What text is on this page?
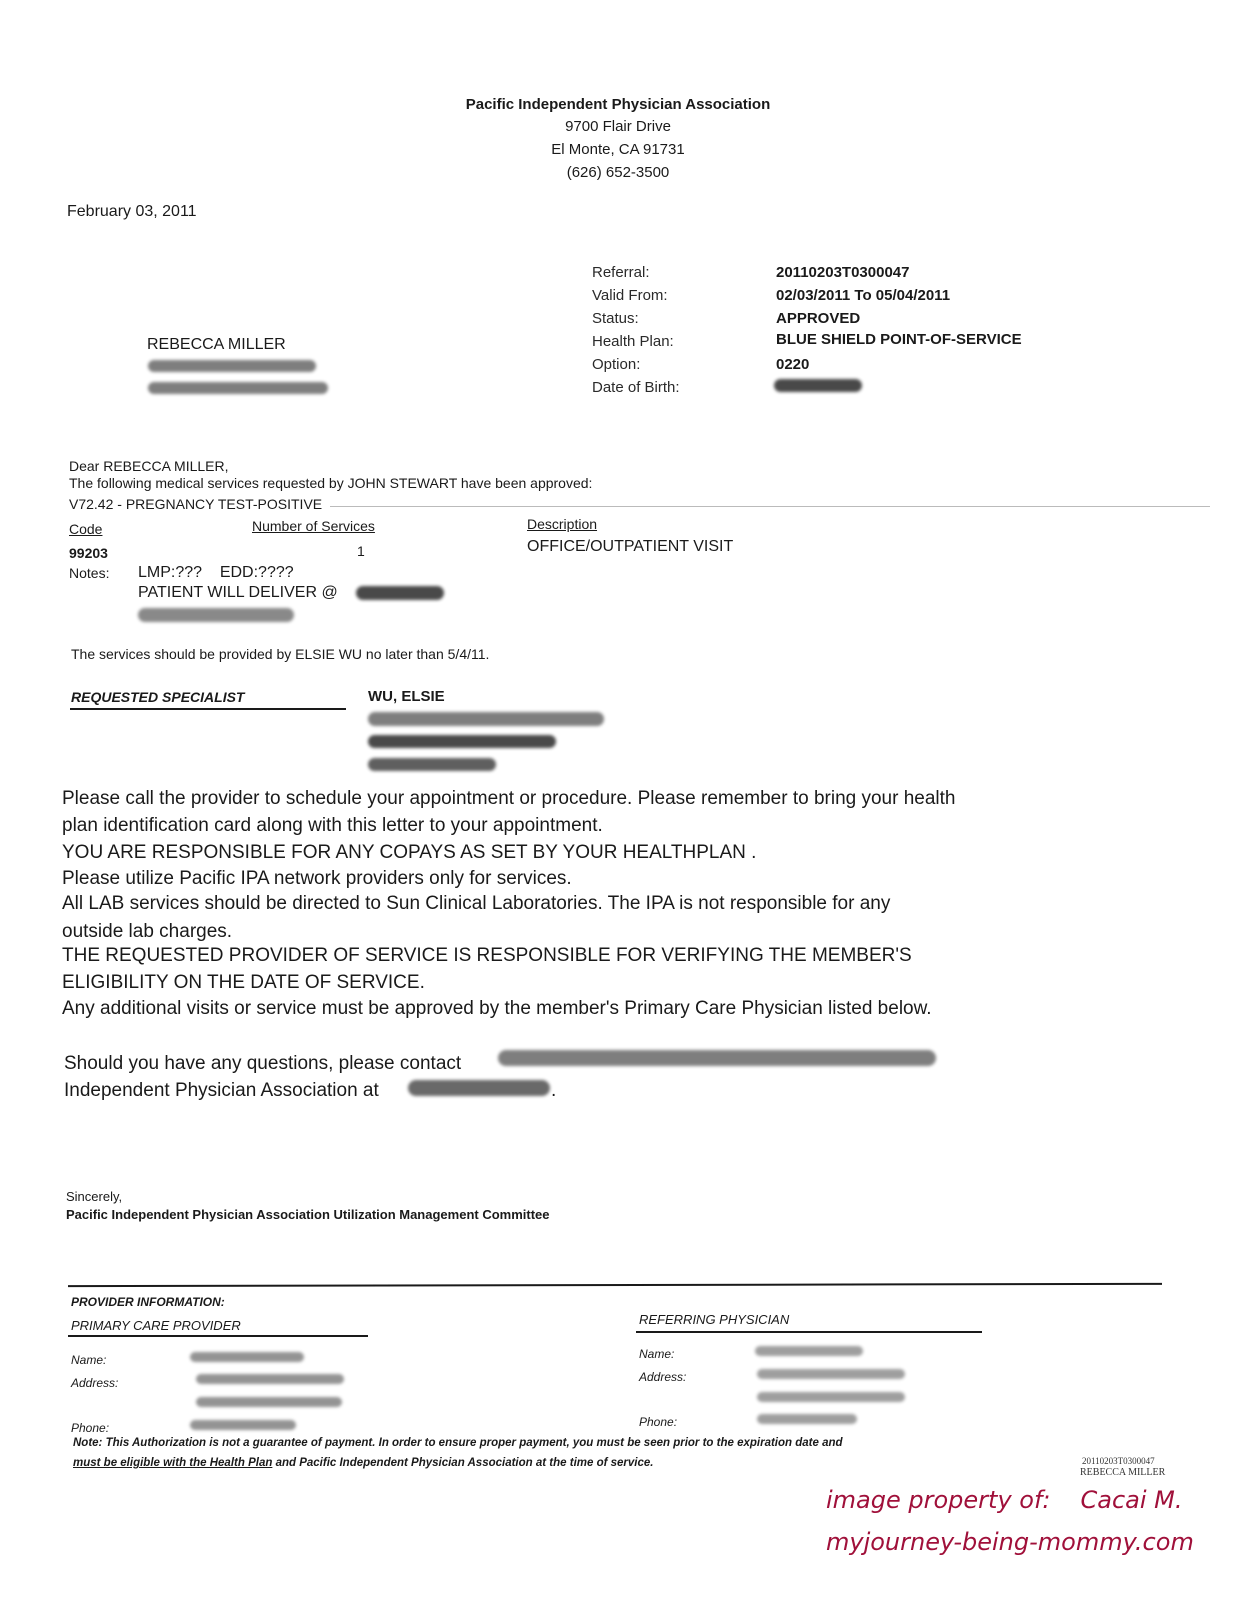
Pacific Independent Physician Association
9700 Flair Drive
El Monte, CA 91731
(626) 652-3500
February 03, 2011
Referral:	20110203T0300047
Valid From:	02/03/2011 To 05/04/2011
Status:	APPROVED
Health Plan:	BLUE SHIELD POINT-OF-SERVICE
Option:	0220
Date of Birth:
REBECCA MILLER
Dear REBECCA MILLER,
The following medical services requested by JOHN STEWART have been approved:
V72.42 - PREGNANCY TEST-POSITIVE
Code	Number of Services	Description
99203	1	OFFICE/OUTPATIENT VISIT
Notes: LMP:???    EDD:????
PATIENT WILL DELIVER @
The services should be provided by ELSIE WU no later than 5/4/11.
REQUESTED SPECIALIST	WU, ELSIE
Please call the provider to schedule your appointment or procedure. Please remember to bring your health
plan identification card along with this letter to your appointment.
YOU ARE RESPONSIBLE FOR ANY COPAYS AS SET BY YOUR HEALTHPLAN .
Please utilize Pacific IPA network providers only for services.
All LAB services should be directed to Sun Clinical Laboratories. The IPA is not responsible for any
outside lab charges.
THE REQUESTED PROVIDER OF SERVICE IS RESPONSIBLE FOR VERIFYING THE MEMBER'S
ELIGIBILITY ON THE DATE OF SERVICE.
Any additional visits or service must be approved by the member's Primary Care Physician listed below.
Should you have any questions, please contact
Independent Physician Association at	.
Sincerely,
Pacific Independent Physician Association Utilization Management Committee
PROVIDER INFORMATION:
PRIMARY CARE PROVIDER
Name:
Address:
Phone:
REFERRING PHYSICIAN
Name:
Address:
Phone:
Note: This Authorization is not a guarantee of payment. In order to ensure proper payment, you must be seen prior to the expiration date and
must be eligible with the Health Plan and Pacific Independent Physician Association at the time of service.	20110203T0300047
REBECCA MILLER
image property of: Cacai M.
myjourney-being-mommy.com
